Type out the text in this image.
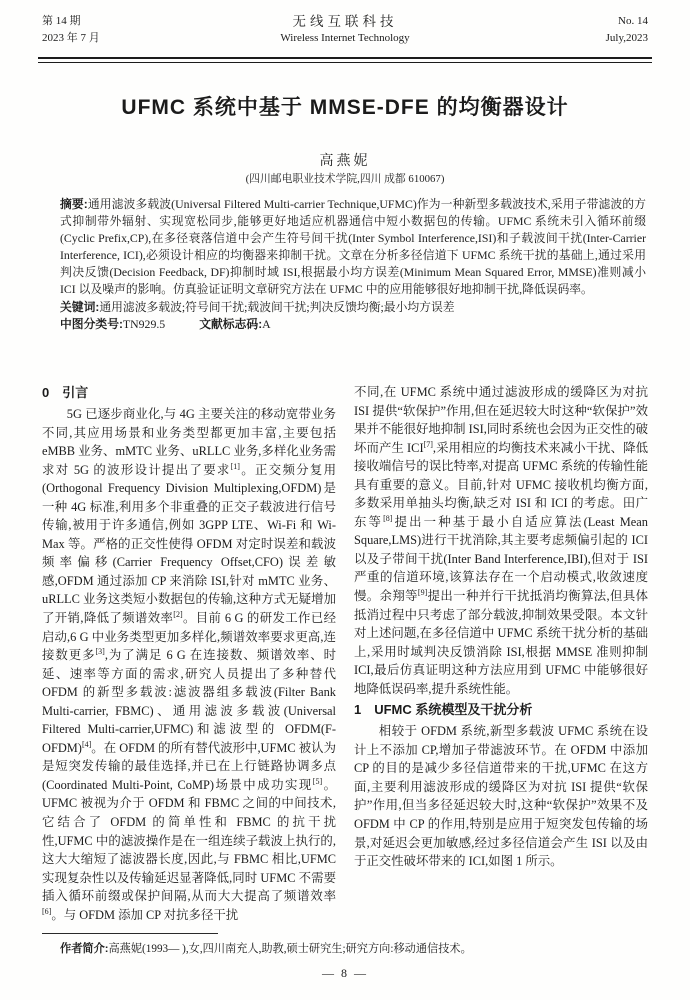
第 14 期
2023 年 7 月
无线互联科技
Wireless Internet Technology
No. 14
July,2023
UFMC 系统中基于 MMSE-DFE 的均衡器设计
高燕妮
(四川邮电职业技术学院,四川 成都 610067)

摘要:通用滤波多载波(Universal Filtered Multi-carrier Technique,UFMC)作为一种新型多载波技术,采用子带滤波的方式抑制带外辐射、实现宽松同步,能够更好地适应机器通信中短小数据包的传输。UFMC 系统未引入循环前缀(Cyclic Prefix,CP),在多径衰落信道中会产生符号间干扰(Inter Symbol Interference,ISI)和子载波间干扰(Inter-Carrier Interference, ICI),必须设计相应的均衡器来抑制干扰。文章在分析多径信道下 UFMC 系统干扰的基础上,通过采用判决反馈(Decision Feedback, DF)抑制时域 ISI,根据最小均方误差(Minimum Mean Squared Error, MMSE)准则减小 ICI 以及噪声的影响。仿真验证证明文章研究方法在 UFMC 中的应用能够很好地抑制干扰,降低误码率。

关键词:通用滤波多载波;符号间干扰;载波间干扰;判决反馈均衡;最小均方误差

中图分类号:TN929.5	文献标志码:A

0　引言

5G 已逐步商业化,与 4G 主要关注的移动宽带业务不同,其应用场景和业务类型都更加丰富,主要包括 eMBB 业务、mMTC 业务、uRLLC 业务,多样化业务需求对 5G 的波形设计提出了要求[1]。正交频分复用(Orthogonal Frequency Division Multiplexing,OFDM)是一种 4G 标准,利用多个非重叠的正交子载波进行信号传输,被用于许多通信,例如 3GPP LTE、Wi-Fi 和 Wi-Max 等。严格的正交性使得 OFDM 对定时误差和载波频率偏移(Carrier Frequency Offset,CFO)误差敏感,OFDM 通过添加 CP 来消除 ISI,针对 mMTC 业务、uRLLC 业务这类短小数据包的传输,这种方式无疑增加了开销,降低了频谱效率[2]。目前 6 G 的研发工作已经启动,6 G 中业务类型更加多样化,频谱效率要求更高,连接数更多[3],为了满足 6 G 在连接数、频谱效率、时延、速率等方面的需求,研究人员提出了多种替代 OFDM 的新型多载波:滤波器组多载波(Filter Bank Multi-carrier, FBMC)、通用滤波多载波(Universal Filtered Multi-carrier,UFMC)和滤波型的 OFDM(F-OFDM)[4]。在 OFDM 的所有替代波形中,UFMC 被认为是短突发传输的最佳选择,并已在上行链路协调多点(Coordinated Multi-Point, CoMP)场景中成功实现[5]。UFMC 被视为介于 OFDM 和 FBMC 之间的中间技术,它结合了 OFDM 的简单性和 FBMC 的抗干扰性,UFMC 中的滤波操作是在一组连续子载波上执行的,这大大缩短了滤波器长度,因此,与 FBMC 相比,UFMC 实现复杂性以及传输延迟显著降低,同时 UFMC 不需要插入循环前缀或保护间隔,从而大大提高了频谱效率[6]。与 OFDM 添加 CP 对抗多径干扰

不同,在 UFMC 系统中通过滤波形成的缓降区为对抗 ISI 提供“软保护”作用,但在延迟较大时这种“软保护”效果并不能很好地抑制 ISI,同时系统也会因为正交性的破坏而产生 ICI[7],采用相应的均衡技术来减小干扰、降低接收端信号的误比特率,对提高 UFMC 系统的传输性能具有重要的意义。目前,针对 UFMC 接收机均衡方面,多数采用单抽头均衡,缺乏对 ISI 和 ICI 的考虑。田广东等[8]提出一种基于最小自适应算法(Least Mean Square,LMS)进行干扰消除,其主要考虑频偏引起的 ICI 以及子带间干扰(Inter Band Interference,IBI),但对于 ISI 严重的信道环境,该算法存在一个启动模式,收敛速度慢。余翔等[9]提出一种并行干扰抵消均衡算法,但具体抵消过程中只考虑了部分载波,抑制效果受限。本文针对上述问题,在多径信道中 UFMC 系统干扰分析的基础上,采用时域判决反馈消除 ISI,根据 MMSE 准则抑制 ICI,最后仿真证明这种方法应用到 UFMC 中能够很好地降低误码率,提升系统性能。

1　UFMC 系统模型及干扰分析

相较于 OFDM 系统,新型多载波 UFMC 系统在设计上不添加 CP,增加子带滤波环节。在 OFDM 中添加 CP 的目的是减少多径信道带来的干扰,UFMC 在这方面,主要利用滤波形成的缓降区为对抗 ISI 提供“软保护”作用,但当多径延迟较大时,这种“软保护”效果不及 OFDM 中 CP 的作用,特别是应用于短突发包传输的场景,对延迟会更加敏感,经过多径信道会产生 ISI 以及由于正交性破坏带来的 ICI,如图 1 所示。

作者简介:高燕妮(1993— ),女,四川南充人,助教,硕士研究生;研究方向:移动通信技术。
— 8 —
